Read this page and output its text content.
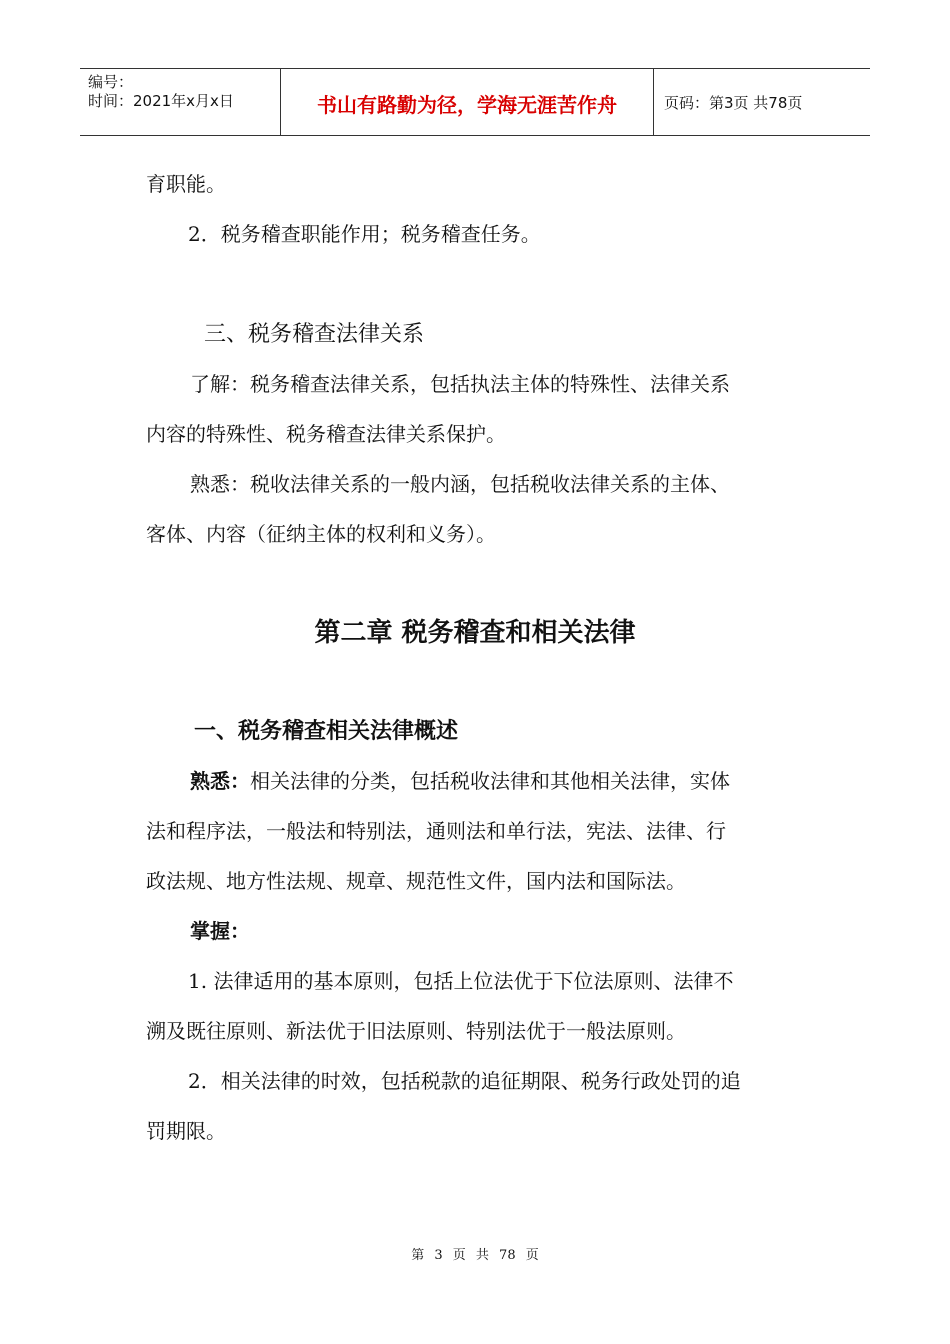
编号：
时间：2021年x月x日	书山有路勤为径，学海无涯苦作舟	页码：第3页 共78页
育职能。
2．税务稽查职能作用；税务稽查任务。
三、税务稽查法律关系
了解：税务稽查法律关系，包括执法主体的特殊性、法律关系
内容的特殊性、税务稽查法律关系保护。
熟悉：税收法律关系的一般内涵，包括税收法律关系的主体、
客体、内容（征纳主体的权利和义务）。
第二章 税务稽查和相关法律
一、税务稽查相关法律概述
熟悉：相关法律的分类，包括税收法律和其他相关法律，实体
法和程序法，一般法和特别法，通则法和单行法，宪法、法律、行
政法规、地方性法规、规章、规范性文件，国内法和国际法。
掌握：
1. 法律适用的基本原则，包括上位法优于下位法原则、法律不
溯及既往原则、新法优于旧法原则、特别法优于一般法原则。
2．相关法律的时效，包括税款的追征期限、税务行政处罚的追
罚期限。
第 3 页 共 78 页
